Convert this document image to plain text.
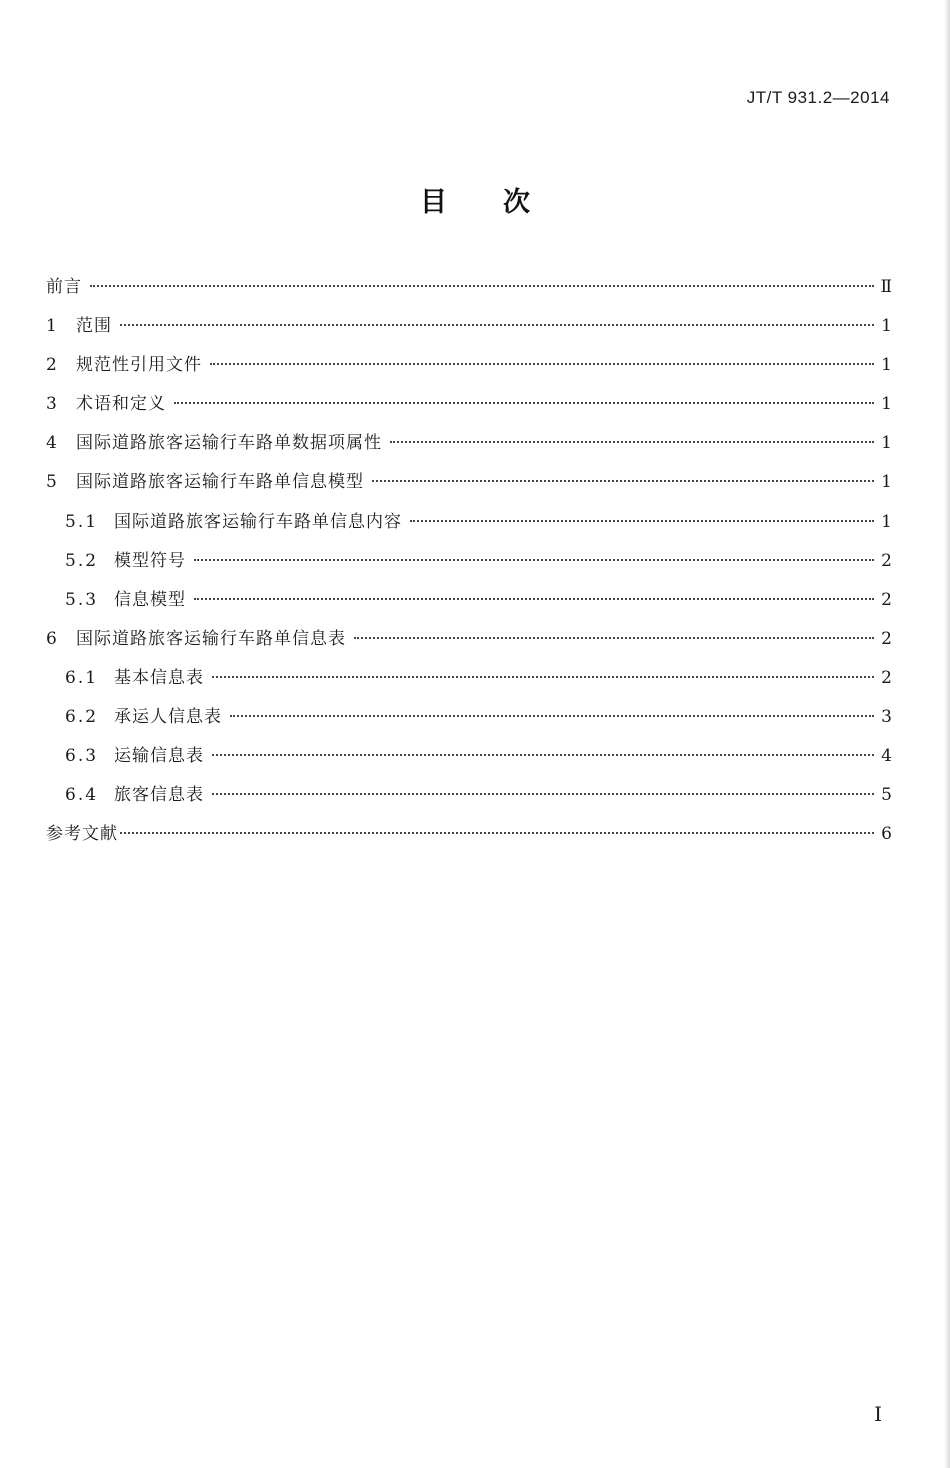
JT/T 931.2—2014
目次
前言	Ⅱ
1	范围	1
2	规范性引用文件	1
3	术语和定义	1
4	国际道路旅客运输行车路单数据项属性	1
5	国际道路旅客运输行车路单信息模型	1
5.1 国际道路旅客运输行车路单信息内容	1
5.2 模型符号	2
5.3 信息模型	2
6	国际道路旅客运输行车路单信息表	2
6.1 基本信息表	2
6.2 承运人信息表	3
6.3 运输信息表	4
6.4 旅客信息表	5
参考文献	6
Ⅰ
